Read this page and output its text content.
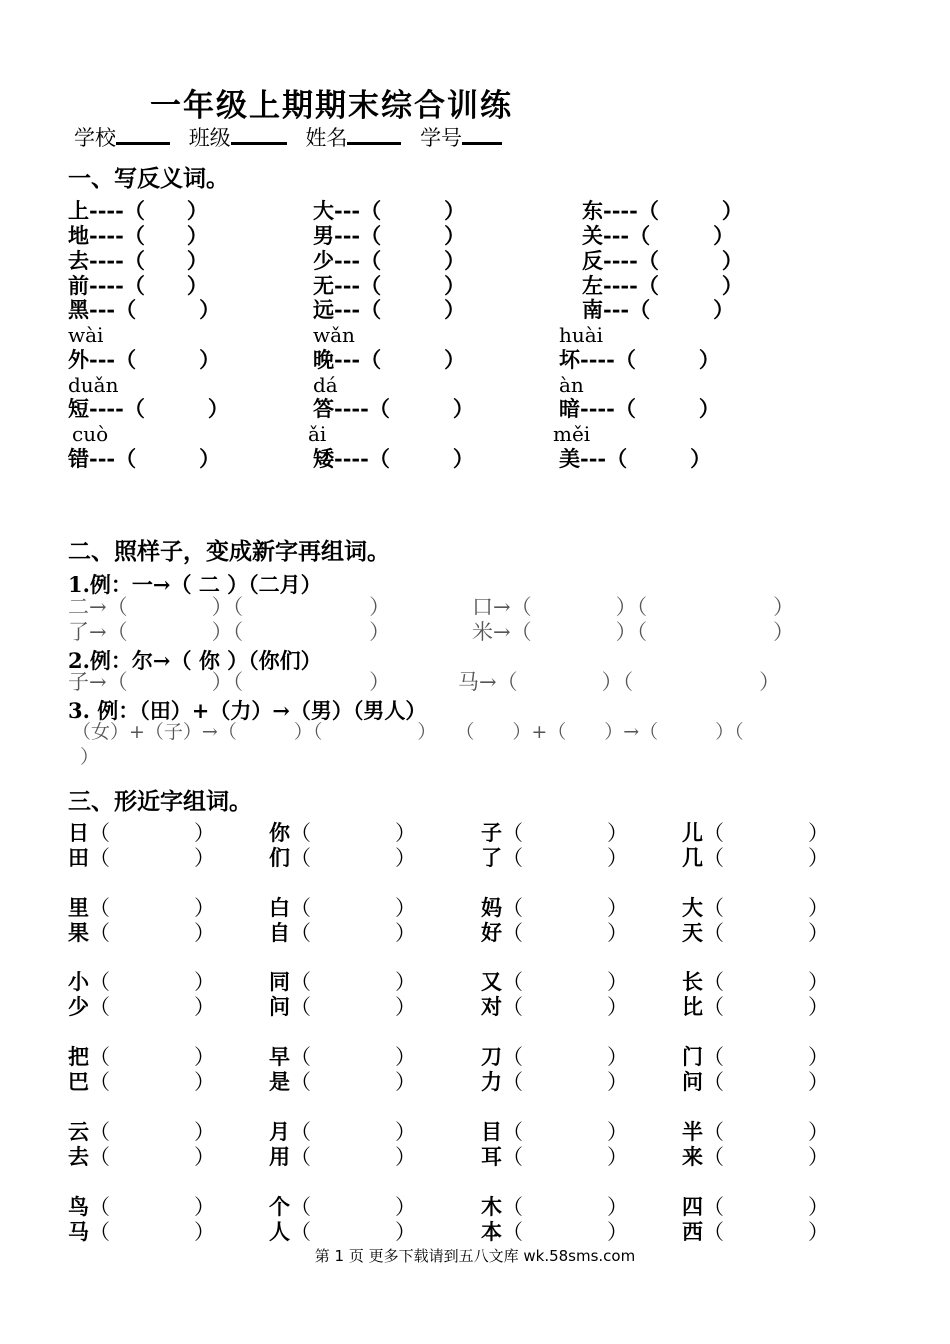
一年级上期期末综合训练
学校	班级	姓名	学号
一、写反义词。
上----（　　）	大---（　　　）	东----（　　　）
地----（　　）	男---（　　　）	关---（　　　）
去----（　　）	少---（　　　）	反----（　　　）
前----（　　）	无---（　　　）	左----（　　　）
黑---（　　　）	远---（　　　）	南---（　　　）
wài	wǎn	huài
外---（　　　）	晚---（　　　）	坏----（　　　）
duǎn	dá	àn
短----（　　　）	答----（　　　）	暗----（　　　）
cuò	ǎi	měi
错---（　　　）	矮----（　　　）	美---（　　　）
二、照样子，变成新字再组词。
1.例：一→（ 二 ）（二月）
二→（　　　　）（　　　　　　）	口→（　　　　）（　　　　　　）
了→（　　　　）（　　　　　　）	米→（　　　　）（　　　　　　）
2.例：尔→（ 你 ）（你们）
子→（　　　　）（　　　　　　）	马→（　　　　）（　　　　　　）
3. 例：（田）+（力）→（男）（男人）
（女）+（子）→（　　　）（　　　　　）　　（　　）+（　　）→（　　　）（
）
三、形近字组词。
日（　　　　）	你（　　　　）	子（　　　　）	儿（　　　　）
田（　　　　）	们（　　　　）	了（　　　　）	几（　　　　）
里（　　　　）	白（　　　　）	妈（　　　　）	大（　　　　）
果（　　　　）	自（　　　　）	好（　　　　）	天（　　　　）
小（　　　　）	同（　　　　）	又（　　　　）	长（　　　　）
少（　　　　）	问（　　　　）	对（　　　　）	比（　　　　）
把（　　　　）	早（　　　　）	刀（　　　　）	门（　　　　）
巴（　　　　）	是（　　　　）	力（　　　　）	问（　　　　）
云（　　　　）	月（　　　　）	目（　　　　）	半（　　　　）
去（　　　　）	用（　　　　）	耳（　　　　）	来（　　　　）
鸟（　　　　）	个（　　　　）	木（　　　　）	四（　　　　）
马（　　　　）	人（　　　　）	本（　　　　）	西（　　　　）
第 1 页 更多下载请到五八文库 wk.58sms.com
